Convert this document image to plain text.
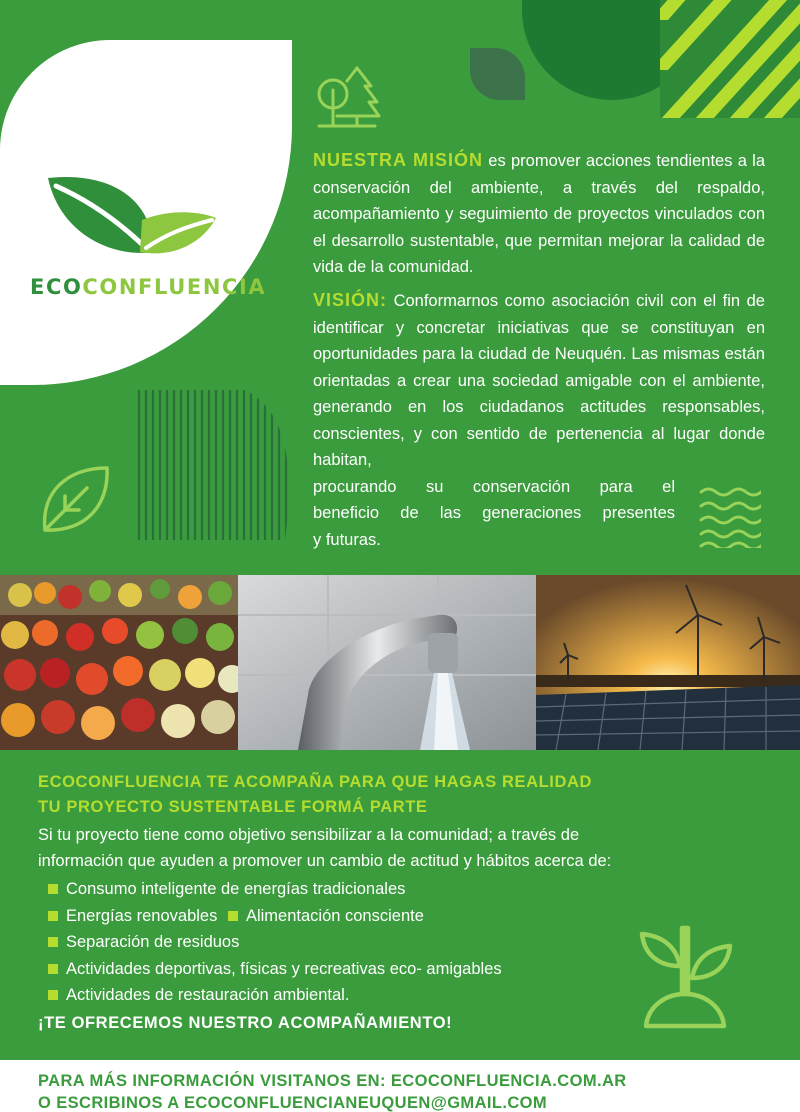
ECOCONFLUENCIA
NUESTRA MISIÓN es promover acciones tendientes a la conservación del ambiente, a través del respaldo, acompañamiento y seguimiento de proyectos vinculados con el desarrollo sustentable, que permitan mejorar la calidad de vida de la comunidad.
VISIÓN: Conformarnos como asociación civil con el fin de identificar y concretar iniciativas que se constituyan en oportunidades para la ciudad de Neuquén. Las mismas están orientadas a crear una sociedad amigable con el ambiente, generando en los ciudadanos actitudes responsables, conscientes, y con sentido de pertenencia al lugar donde habitan,
procurando su conservación para el
beneficio de las generaciones presentes
y futuras.
ECOCONFLUENCIA TE ACOMPAÑA PARA QUE HAGAS REALIDAD
TU PROYECTO SUSTENTABLE FORMÁ PARTE
Si tu proyecto tiene como objetivo sensibilizar a la comunidad; a través de
información que ayuden a promover un cambio de actitud y hábitos acerca de:
Consumo inteligente de energías tradicionales
Energías renovables Alimentación consciente
Separación de residuos
Actividades deportivas, físicas y recreativas eco- amigables
Actividades de restauración ambiental.
¡TE OFRECEMOS NUESTRO ACOMPAÑAMIENTO!
PARA MÁS INFORMACIÓN VISITANOS EN: ECOCONFLUENCIA.COM.AR
O ESCRIBINOS A ECOCONFLUENCIANEUQUEN@GMAIL.COM
